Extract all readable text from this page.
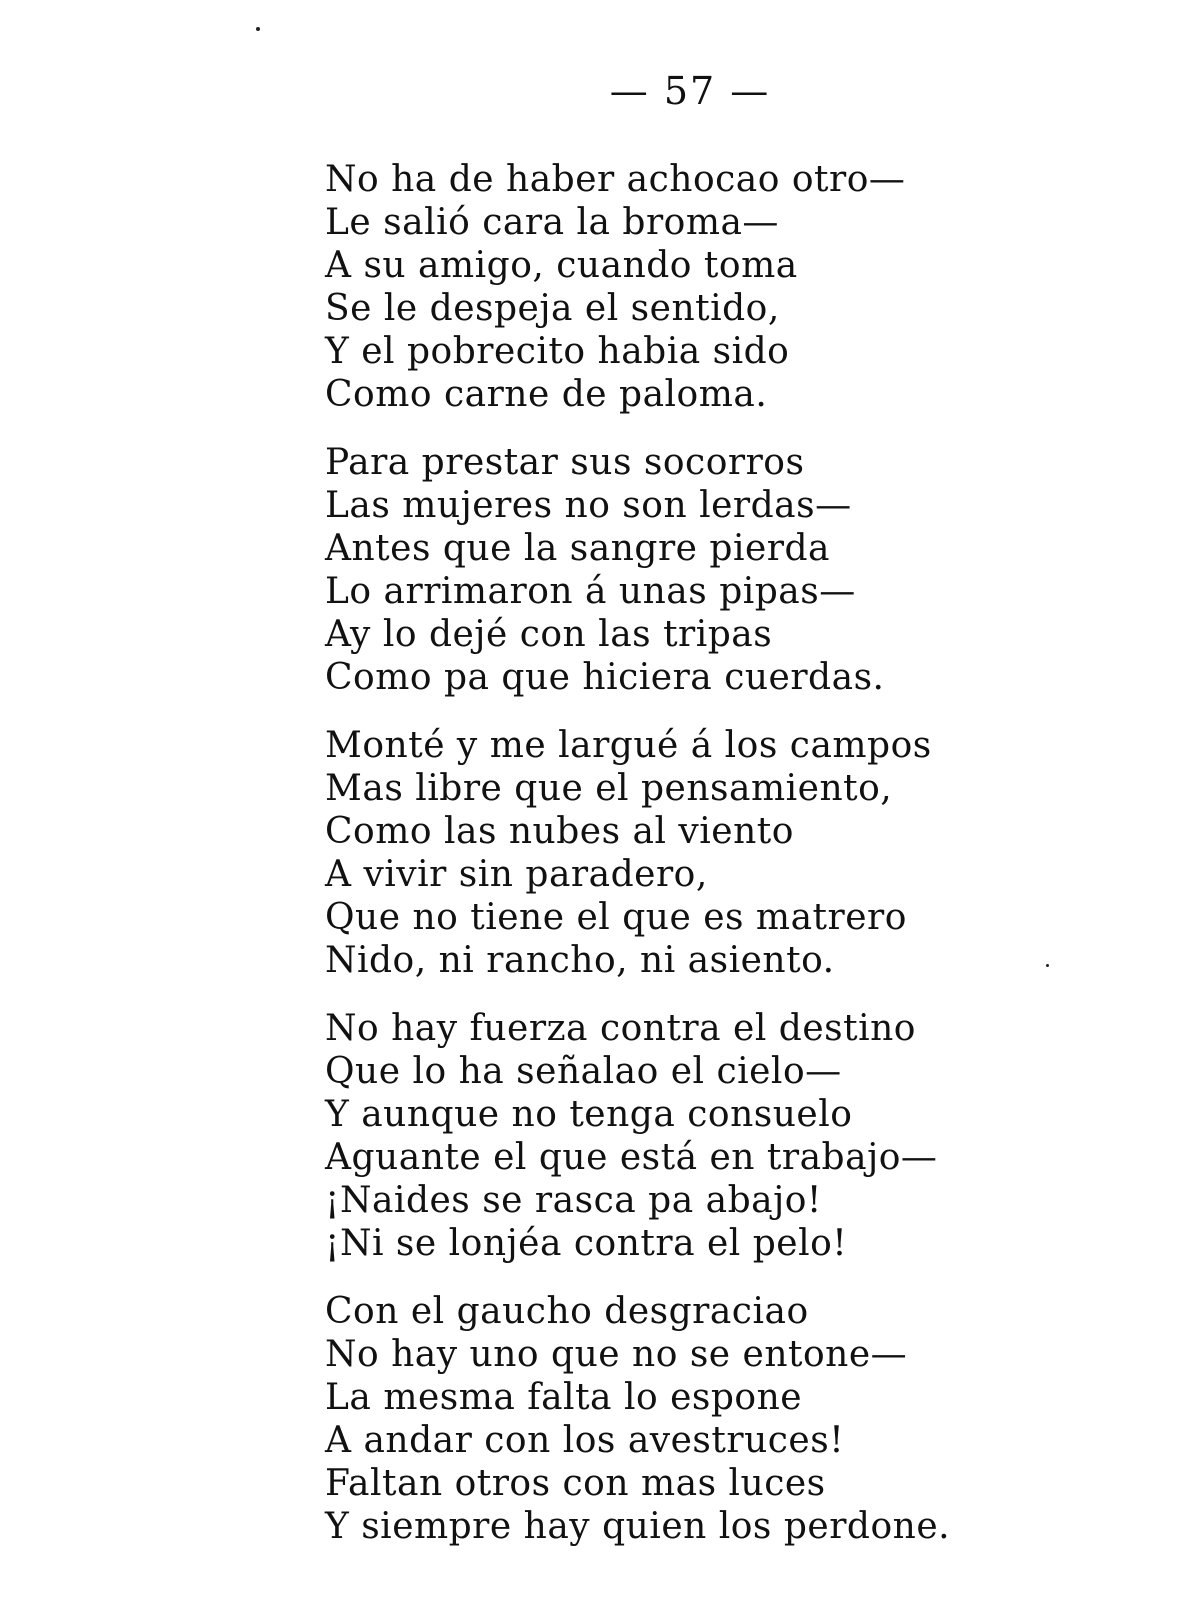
— 57 —
No ha de haber achocao otro—
Le salió cara la broma—
A su amigo, cuando toma
Se le despeja el sentido,
Y el pobrecito habia sido
Como carne de paloma.
Para prestar sus socorros
Las mujeres no son lerdas—
Antes que la sangre pierda
Lo arrimaron á unas pipas—
Ay lo dejé con las tripas
Como pa que hiciera cuerdas.
Monté y me largué á los campos
Mas libre que el pensamiento,
Como las nubes al viento
A vivir sin paradero,
Que no tiene el que es matrero
Nido, ni rancho, ni asiento.
No hay fuerza contra el destino
Que lo ha señalao el cielo—
Y aunque no tenga consuelo
Aguante el que está en trabajo—
¡Naides se rasca pa abajo!
¡Ni se lonjéa contra el pelo!
Con el gaucho desgraciao
No hay uno que no se entone—
La mesma falta lo espone
A andar con los avestruces!
Faltan otros con mas luces
Y siempre hay quien los perdone.
